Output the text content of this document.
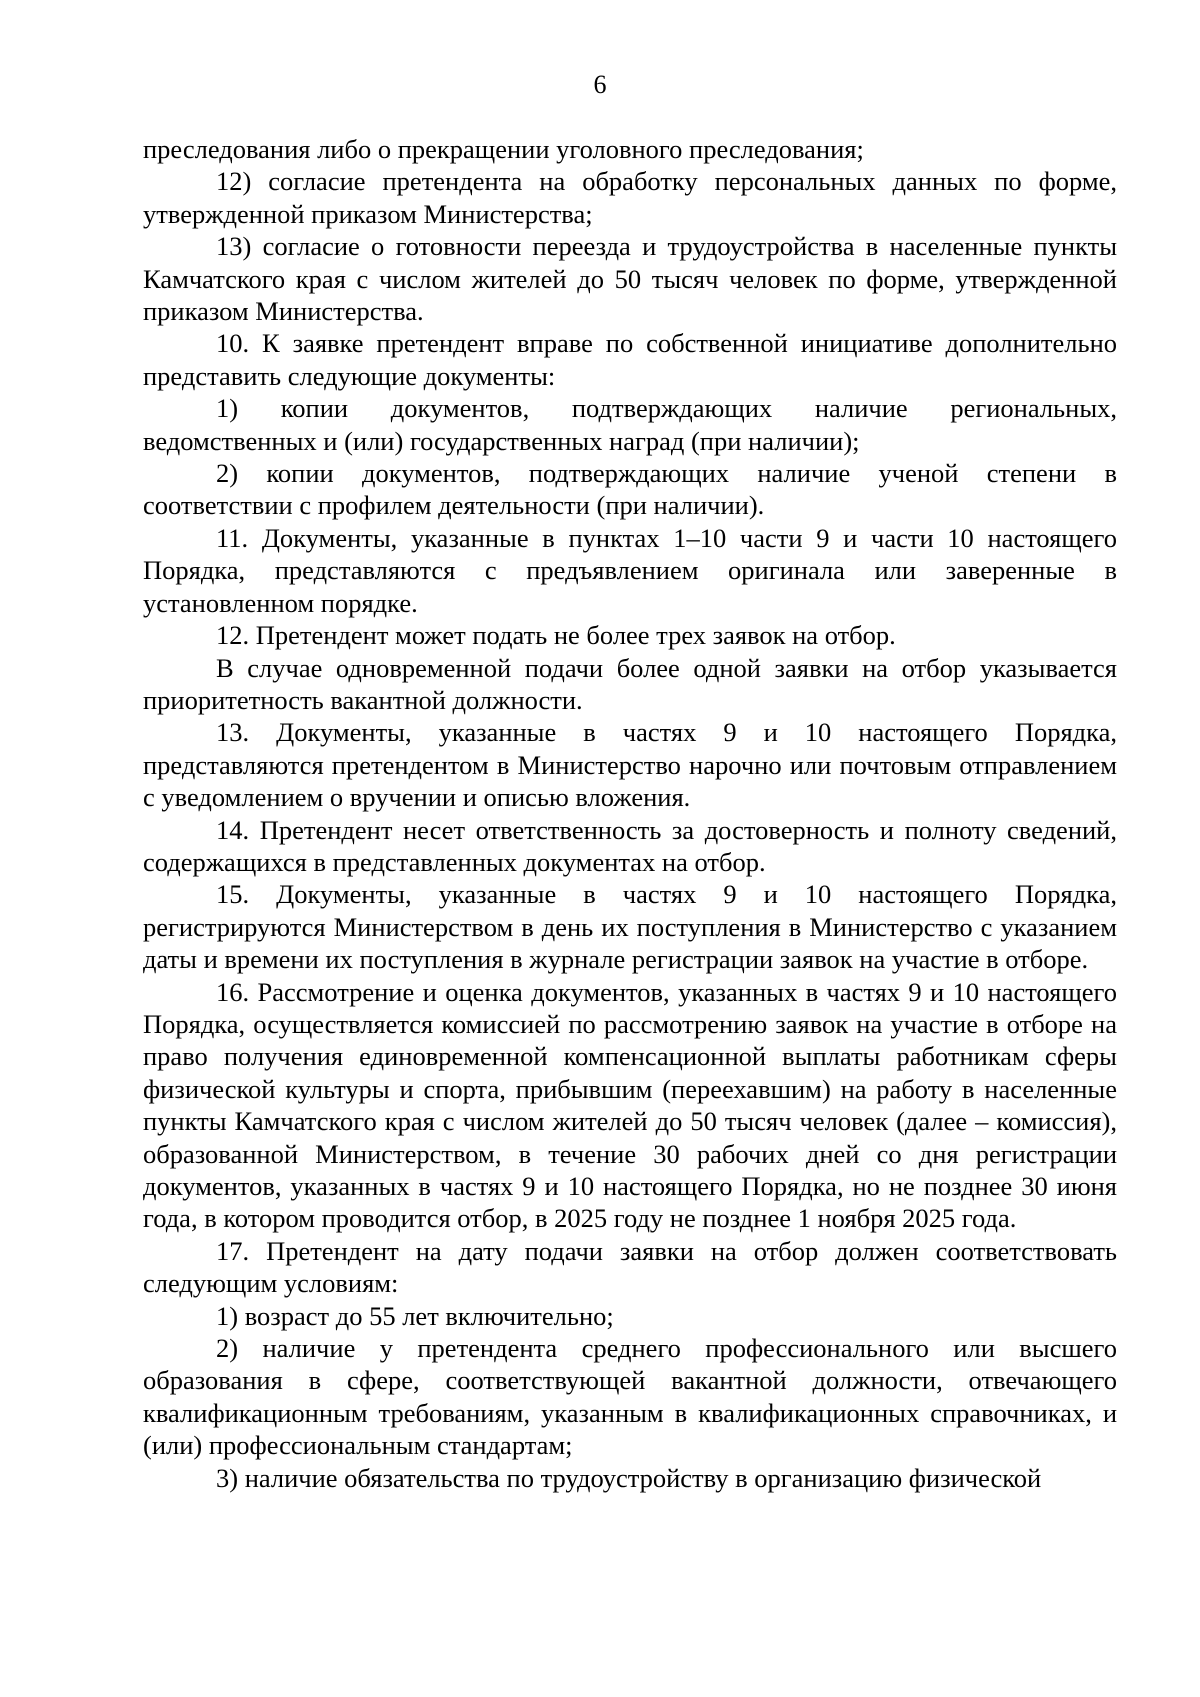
6

преследования либо о прекращении уголовного преследования;

12) согласие претендента на обработку персональных данных по форме, утвержденной приказом Министерства;

13) согласие о готовности переезда и трудоустройства в населенные пункты Камчатского края с числом жителей до 50 тысяч человек по форме, утвержденной приказом Министерства.

10. К заявке претендент вправе по собственной инициативе дополнительно представить следующие документы:

1) копии документов, подтверждающих наличие региональных, ведомственных и (или) государственных наград (при наличии);

2) копии документов, подтверждающих наличие ученой степени в соответствии с профилем деятельности (при наличии).

11. Документы, указанные в пунктах 1–10 части 9 и части 10 настоящего Порядка, представляются с предъявлением оригинала или заверенные в установленном порядке.

12. Претендент может подать не более трех заявок на отбор.

В случае одновременной подачи более одной заявки на отбор указывается приоритетность вакантной должности.

13. Документы, указанные в частях 9 и 10 настоящего Порядка, представляются претендентом в Министерство нарочно или почтовым отправлением с уведомлением о вручении и описью вложения.

14. Претендент несет ответственность за достоверность и полноту сведений, содержащихся в представленных документах на отбор.

15. Документы, указанные в частях 9 и 10 настоящего Порядка, регистрируются Министерством в день их поступления в Министерство с указанием даты и времени их поступления в журнале регистрации заявок на участие в отборе.

16. Рассмотрение и оценка документов, указанных в частях 9 и 10 настоящего Порядка, осуществляется комиссией по рассмотрению заявок на участие в отборе на право получения единовременной компенсационной выплаты работникам сферы физической культуры и спорта, прибывшим (переехавшим) на работу в населенные пункты Камчатского края с числом жителей до 50 тысяч человек (далее – комиссия), образованной Министерством, в течение 30 рабочих дней со дня регистрации документов, указанных в частях 9 и 10 настоящего Порядка, но не позднее 30 июня года, в котором проводится отбор, в 2025 году не позднее 1 ноября 2025 года.

17. Претендент на дату подачи заявки на отбор должен соответствовать следующим условиям:

1) возраст до 55 лет включительно;

2) наличие у претендента среднего профессионального или высшего образования в сфере, соответствующей вакантной должности, отвечающего квалификационным требованиям, указанным в квалификационных справочниках, и (или) профессиональным стандартам;

3) наличие обязательства по трудоустройству в организацию физической
